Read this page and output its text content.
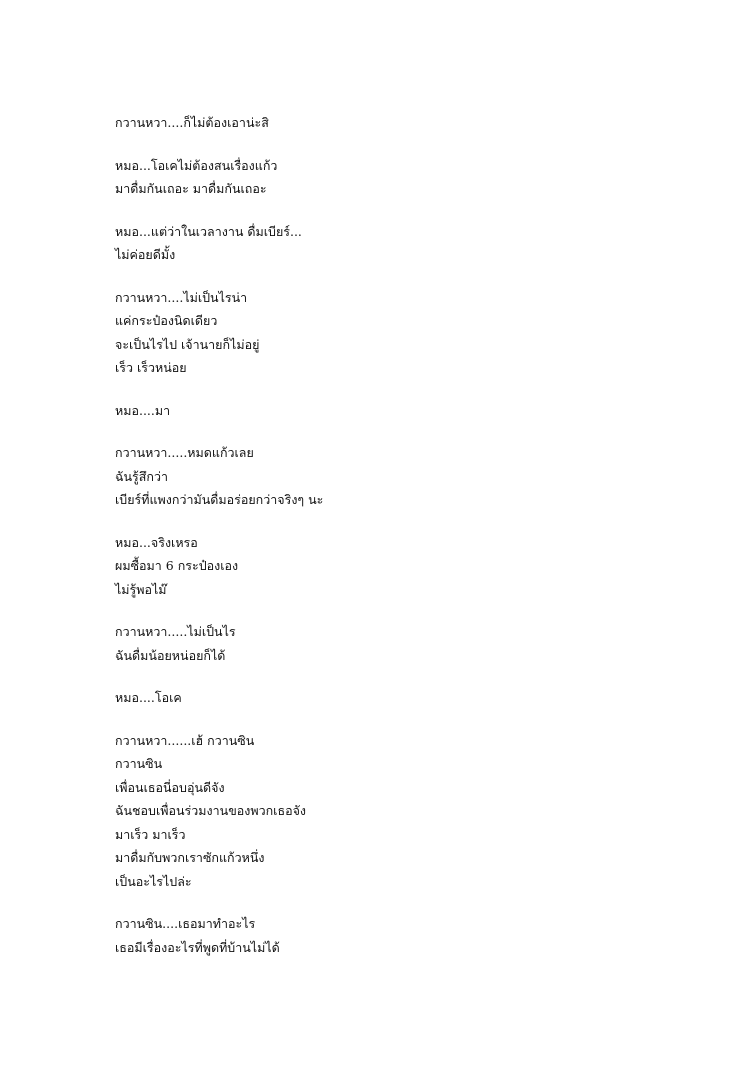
กวานหวา....ก็ไม่ต้องเอาน่ะสิ
หมอ...โอเคไม่ต้องสนเรื่องแก้ว
มาดื่มกันเถอะ มาดื่มกันเถอะ
หมอ...แต่ว่าในเวลางาน ดื่มเบียร์...
ไม่ค่อยดีมั้ง
กวานหวา....ไม่เป็นไรน่า
แค่กระป๋องนิดเดียว
จะเป็นไรไป เจ้านายก็ไม่อยู่
เร็ว เร็วหน่อย
หมอ....มา
กวานหวา.....หมดแก้วเลย
ฉันรู้สึกว่า
เบียร์ที่แพงกว่ามันดื่มอร่อยกว่าจริงๆ นะ
หมอ...จริงเหรอ
ผมซื้อมา 6 กระป๋องเอง
ไม่รู้พอไม๊
กวานหวา.....ไม่เป็นไร
ฉันดื่มน้อยหน่อยก็ได้
หมอ....โอเค
กวานหวา......เฮ้ กวานซิน
กวานซิน
เพื่อนเธอนี่อบอุ่นดีจัง
ฉันชอบเพื่อนร่วมงานของพวกเธอจัง
มาเร็ว มาเร็ว
มาดื่มกับพวกเราซักแก้วหนึ่ง
เป็นอะไรไปล่ะ
กวานซิน....เธอมาทำอะไร
เธอมีเรื่องอะไรที่พูดที่บ้านไม่ได้
